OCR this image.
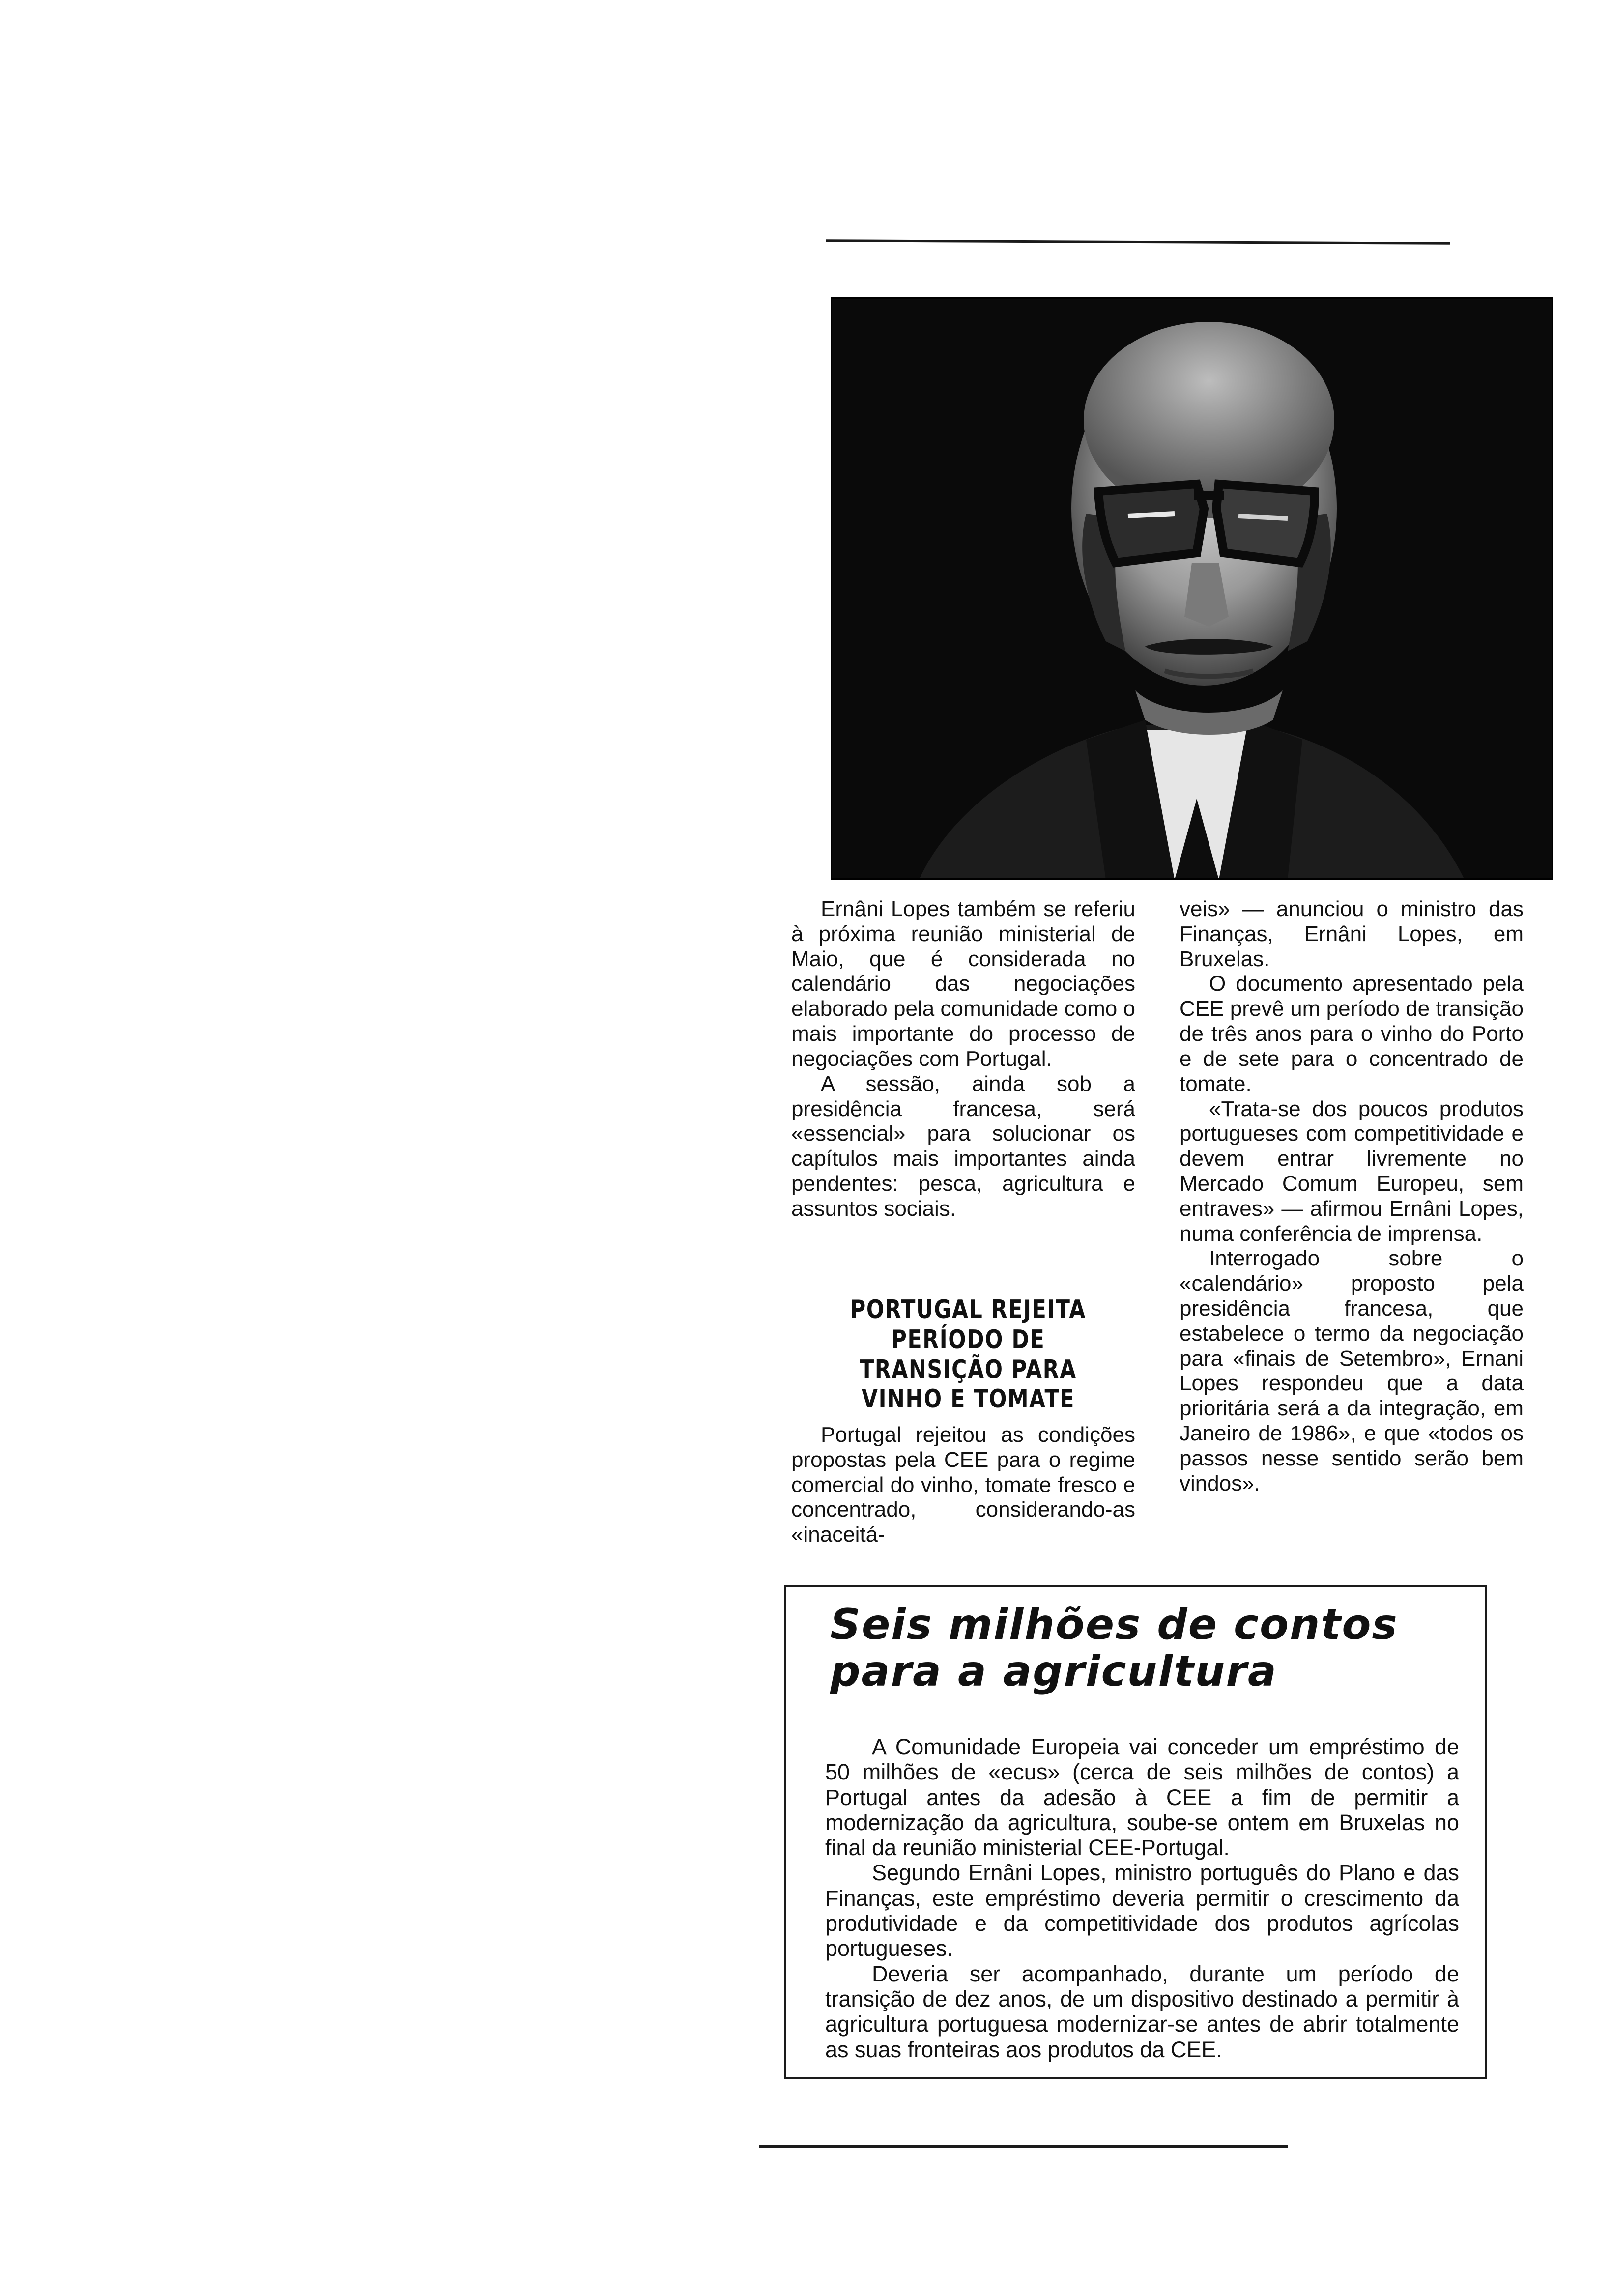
Ernâni Lopes também se referiu à próxima reunião ministerial de Maio, que é considerada no calendário das negociações elaborado pela comunidade como o mais importante do processo de negociações com Portugal.

A sessão, ainda sob a presidência francesa, será «essencial» para solucionar os capítulos mais importantes ainda pendentes: pesca, agricultura e assuntos sociais.

PORTUGAL REJEITA PERÍODO DE TRANSIÇÃO PARA VINHO E TOMATE

Portugal rejeitou as condições propostas pela CEE para o regime comercial do vinho, tomate fresco e concentrado, considerando-as «inaceitá-

veis» — anunciou o ministro das Finanças, Ernâni Lopes, em Bruxelas.

O documento apresentado pela CEE prevê um período de transição de três anos para o vinho do Porto e de sete para o concentrado de tomate.

«Trata-se dos poucos produtos portugueses com competitividade e devem entrar livremente no Mercado Comum Europeu, sem entraves» — afirmou Ernâni Lopes, numa conferência de imprensa.

Interrogado sobre o «calendário» proposto pela presidência francesa, que estabelece o termo da negociação para «finais de Setembro», Ernani Lopes respondeu que a data prioritária será a da integração, em Janeiro de 1986», e que «todos os passos nesse sentido serão bem vindos».

Seis milhões de contos para a agricultura

A Comunidade Europeia vai conceder um empréstimo de 50 milhões de «ecus» (cerca de seis milhões de contos) a Portugal antes da adesão à CEE a fim de permitir a modernização da agricultura, soube-se ontem em Bruxelas no final da reunião ministerial CEE-Portugal.

Segundo Ernâni Lopes, ministro português do Plano e das Finanças, este empréstimo deveria permitir o crescimento da produtividade e da competitividade dos produtos agrícolas portugueses.

Deveria ser acompanhado, durante um período de transição de dez anos, de um dispositivo destinado a permitir à agricultura portuguesa modernizar-se antes de abrir totalmente as suas fronteiras aos produtos da CEE.
